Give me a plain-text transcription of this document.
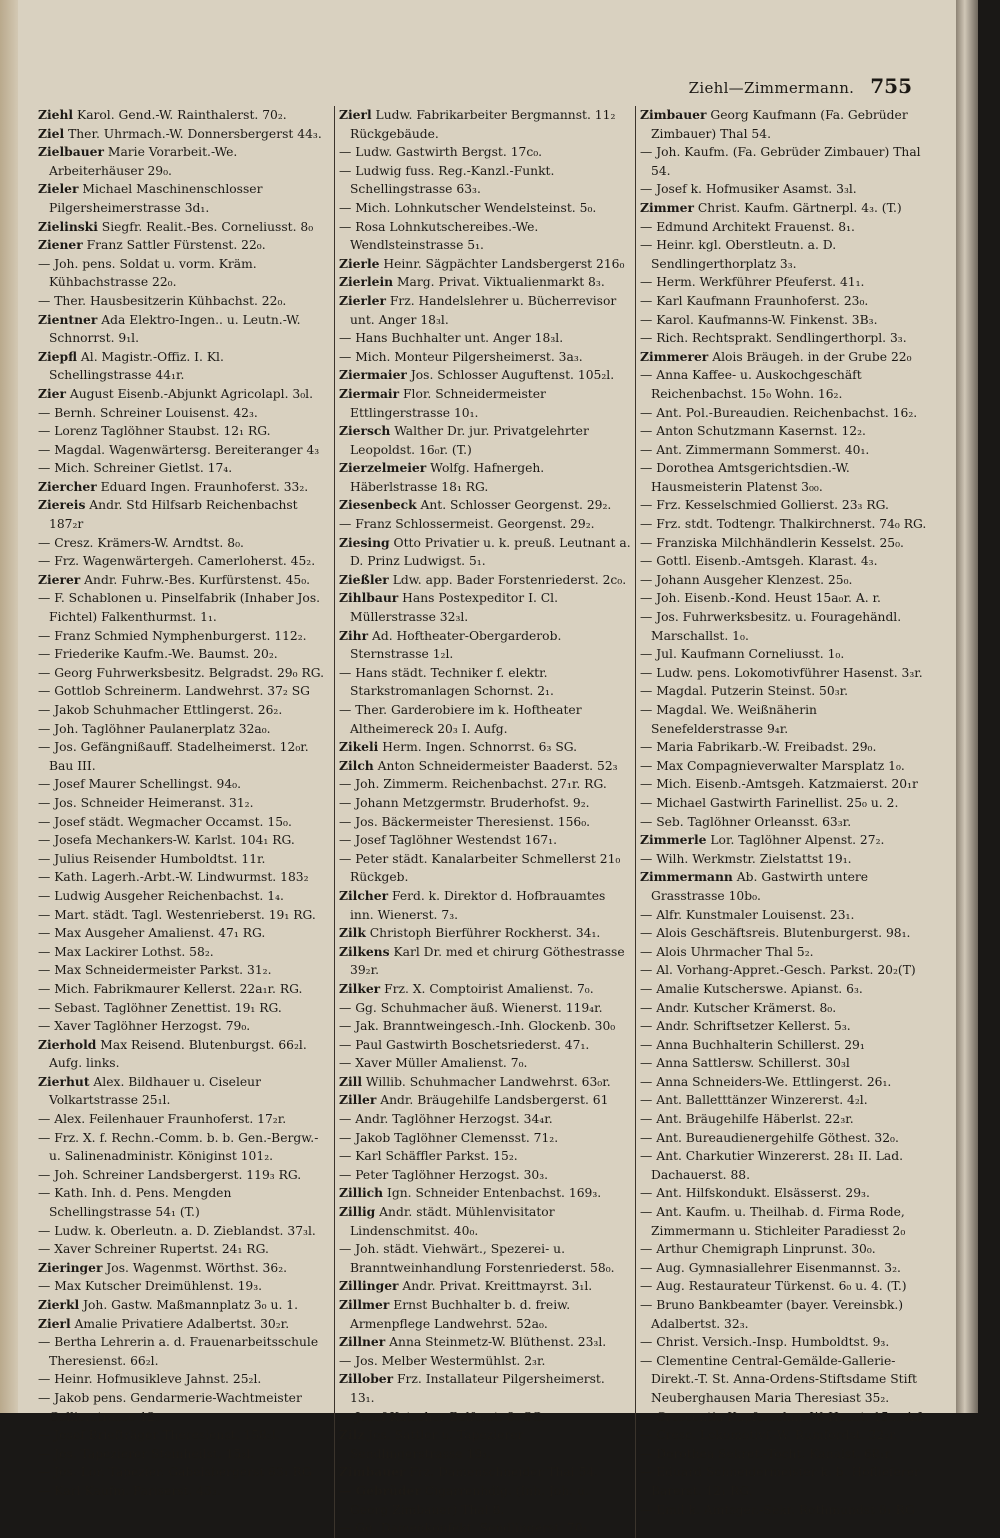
Ziehl—Zimmermann. 755
Ziehl Karol. Gend.-W. Rainthalerst. 70₂.
Ziel Ther. Uhrmach.-W. Donnersbergerst 44₃.
Zielbauer Marie Vorarbeit.-We. Arbeiterhäuser 29₀.
Zieler Michael Maschinenschlosser Pilgersheimerstrasse 3d₁.
Zielinski Siegfr. Realit.-Bes. Corneliusst. 8₀
Ziener Franz Sattler Fürstenst. 22₀.
— Joh. pens. Soldat u. vorm. Kräm. Kühbachstrasse 22₀.
— Ther. Hausbesitzerin Kühbachst. 22₀.
Zientner Ada Elektro-Ingen.. u. Leutn.-W. Schnorrst. 9₁l.
Ziepfl Al. Magistr.-Offiz. I. Kl. Schellingstrasse 44₁r.
Zier August Eisenb.-Abjunkt Agricolapl. 3₀l.
— Bernh. Schreiner Louisenst. 42₃.
— Lorenz Taglöhner Staubst. 12₁ RG.
— Magdal. Wagenwärtersg. Bereiteranger 4₃
— Mich. Schreiner Gietlst. 17₄.
Ziercher Eduard Ingen. Fraunhoferst. 33₂.
Ziereis Andr. Std Hilfsarb Reichenbachst 187₂r
— Cresz. Krämers-W. Arndtst. 8₀.
— Frz. Wagenwärtergeh. Camerloherst. 45₂.
Zierer Andr. Fuhrw.-Bes. Kurfürstenst. 45₀.
— F. Schablonen u. Pinselfabrik (Inhaber Jos. Fichtel) Falkenthurmst. 1₁.
— Franz Schmied Nymphenburgerst. 112₂.
— Friederike Kaufm.-We. Baumst. 20₂.
— Georg Fuhrwerksbesitz. Belgradst. 29₀ RG.
— Gottlob Schreinerm. Landwehrst. 37₂ SG
— Jakob Schuhmacher Ettlingerst. 26₂.
— Joh. Taglöhner Paulanerplatz 32a₀.
— Jos. Gefängnißauff. Stadelheimerst. 12₀r. Bau III.
— Josef Maurer Schellingst. 94₀.
— Jos. Schneider Heimeranst. 31₂.
— Josef städt. Wegmacher Occamst. 15₀.
— Josefa Mechankers-W. Karlst. 104₁ RG.
— Julius Reisender Humboldtst. 11r.
— Kath. Lagerh.-Arbt.-W. Lindwurmst. 183₂
— Ludwig Ausgeher Reichenbachst. 1₄.
— Mart. städt. Tagl. Westenrieberst. 19₁ RG.
— Max Ausgeher Amalienst. 47₁ RG.
— Max Lackirer Lothst. 58₂.
— Max Schneidermeister Parkst. 31₂.
— Mich. Fabrikmaurer Kellerst. 22a₁r. RG.
— Sebast. Taglöhner Zenettist. 19₁ RG.
— Xaver Taglöhner Herzogst. 79₀.
Zierhold Max Reisend. Blutenburgst. 66₂l. Aufg. links.
Zierhut Alex. Bildhauer u. Ciseleur Volkartstrasse 25₁l.
— Alex. Feilenhauer Fraunhoferst. 17₂r.
— Frz. X. f. Rechn.-Comm. b. b. Gen.-Bergw.- u. Salinenadministr. Königinst 101₂.
— Joh. Schreiner Landsbergerst. 119₃ RG.
— Kath. Inh. d. Pens. Mengden Schellingstrasse 54₁ (T.)
— Ludw. k. Oberleutn. a. D. Zieblandst. 37₃l.
— Xaver Schreiner Rupertst. 24₁ RG.
Zieringer Jos. Wagenmst. Wörthst. 36₂.
— Max Kutscher Dreimühlenst. 19₃.
Zierkl Joh. Gastw. Maßmannplatz 3₀ u. 1.
Zierl Amalie Privatiere Adalbertst. 30₂r.
— Bertha Lehrerin a. d. Frauenarbeitsschule Theresienst. 66₂l.
— Heinr. Hofmusikleve Jahnst. 25₂l.
— Jakob pens. Gendarmerie-Wachtmeister Gollierstrasse 12₃.
— Josef Briefträger Theresienst. 158₃l.
— Jos. Tapezierer Steinheilst. 15₂l.
— Jos. Lor. Tapezier. Gabelsbergerst 83₁ RG
— Karl Kaufm. Pariserst. 43₃.
Zierl Ludw. Fabrikarbeiter Bergmannst. 11₂ Rückgebäude.
— Ludw. Gastwirth Bergst. 17c₀.
— Ludwig fuss. Reg.-Kanzl.-Funkt. Schellingstrasse 63₃.
— Mich. Lohnkutscher Wendelsteinst. 5₀.
— Rosa Lohnkutschereibes.-We. Wendlsteinstrasse 5₁.
Zierle Heinr. Sägpächter Landsbergerst 216₀
Zierlein Marg. Privat. Viktualienmarkt 8₃.
Zierler Frz. Handelslehrer u. Bücherrevisor unt. Anger 18₃l.
— Hans Buchhalter unt. Anger 18₃l.
— Mich. Monteur Pilgersheimerst. 3a₃.
Ziermaier Jos. Schlosser Auguftenst. 105₂l.
Ziermair Flor. Schneidermeister Ettlingerstrasse 10₁.
Ziersch Walther Dr. jur. Privatgelehrter Leopoldst. 16₀r. (T.)
Zierzelmeier Wolfg. Hafnergeh. Häberlstrasse 18₁ RG.
Ziesenbeck Ant. Schlosser Georgenst. 29₂.
— Franz Schlossermeist. Georgenst. 29₂.
Ziesing Otto Privatier u. k. preuß. Leutnant a. D. Prinz Ludwigst. 5₁.
Zießler Ldw. app. Bader Forstenriederst. 2c₀.
Zihlbaur Hans Postexpeditor I. Cl. Müllerstrasse 32₃l.
Zihr Ad. Hoftheater-Obergarderob. Sternstrasse 1₂l.
— Hans städt. Techniker f. elektr. Starkstromanlagen Schornst. 2₁.
— Ther. Garderobiere im k. Hoftheater Altheimereck 20₃ I. Aufg.
Zikeli Herm. Ingen. Schnorrst. 6₃ SG.
Zilch Anton Schneidermeister Baaderst. 52₃
— Joh. Zimmerm. Reichenbachst. 27₁r. RG.
— Johann Metzgermstr. Bruderhofst. 9₂.
— Jos. Bäckermeister Theresienst. 156₀.
— Josef Taglöhner Westendst 167₁.
— Peter städt. Kanalarbeiter Schmellerst 21₀ Rückgeb.
Zilcher Ferd. k. Direktor d. Hofbrauamtes inn. Wienerst. 7₃.
Zilk Christoph Bierführer Rockherst. 34₁.
Zilkens Karl Dr. med et chirurg Göthestrasse 39₂r.
Zilker Frz. X. Comptoirist Amalienst. 7₀.
— Gg. Schuhmacher äuß. Wienerst. 119₄r.
— Jak. Branntweingesch.-Inh. Glockenb. 30₀
— Paul Gastwirth Boschetsriederst. 47₁.
— Xaver Müller Amalienst. 7₀.
Zill Willib. Schuhmacher Landwehrst. 63₀r.
Ziller Andr. Bräugehilfe Landsbergerst. 61
— Andr. Taglöhner Herzogst. 34₄r.
— Jakob Taglöhner Clemensst. 71₂.
— Karl Schäffler Parkst. 15₂.
— Peter Taglöhner Herzogst. 30₃.
Zillich Ign. Schneider Entenbachst. 169₃.
Zillig Andr. städt. Mühlenvisitator Lindenschmitst. 40₀.
— Joh. städt. Viehwärt., Spezerei- u. Branntweinhandlung Forstenriederst. 58₀.
Zillinger Andr. Privat. Kreittmayrst. 3₁l.
Zillmer Ernst Buchhalter b. d. freiw. Armenpflege Landwehrst. 52a₀.
Zillner Anna Steinmetz-W. Blüthenst. 23₃l.
— Jos. Melber Westermühlst. 2₃r.
Zillober Frz. Installateur Pilgersheimerst. 13₁.
— Josef Kutscher Belforst. 8₀ SG.
Zilz Jos. Sattler u. Tapezierer Sendlingerstrasse 19₃.
Zimbauer Frz. Damenschneider Thal 54.
— Gebrüder Cigarrenhdlg. (Inh. Joh. u. Georg Zimbauer) Thal 8.
— Gg. Damenkonfekt. Sendlingerst. 70₄.
Zimbauer Georg Kaufmann (Fa. Gebrüder Zimbauer) Thal 54.
— Joh. Kaufm. (Fa. Gebrüder Zimbauer) Thal 54.
— Josef k. Hofmusiker Asamst. 3₃l.
Zimmer Christ. Kaufm. Gärtnerpl. 4₃. (T.)
— Edmund Architekt Frauenst. 8₁.
— Heinr. kgl. Oberstleutn. a. D. Sendlingerthorplatz 3₃.
— Herm. Werkführer Pfeuferst. 41₁.
— Karl Kaufmann Fraunhoferst. 23₀.
— Karol. Kaufmanns-W. Finkenst. 3B₃.
— Rich. Rechtsprakt. Sendlingerthorpl. 3₃.
Zimmerer Alois Bräugeh. in der Grube 22₀
— Anna Kaffee- u. Auskochgeschäft Reichenbachst. 15₀ Wohn. 16₂.
— Ant. Pol.-Bureaudien. Reichenbachst. 16₂.
— Anton Schutzmann Kasernst. 12₂.
— Ant. Zimmermann Sommerst. 40₁.
— Dorothea Amtsgerichtsdien.-W. Hausmeisterin Platenst 3₀₀.
— Frz. Kesselschmied Gollierst. 23₃ RG.
— Frz. stdt. Todtengr. Thalkirchnerst. 74₀ RG.
— Franziska Milchhändlerin Kesselst. 25₀.
— Gottl. Eisenb.-Amtsgeh. Klarast. 4₃.
— Johann Ausgeher Klenzest. 25₀.
— Joh. Eisenb.-Kond. Heust 15a₀r. A. r.
— Jos. Fuhrwerksbesitz. u. Fouragehändl. Marschallst. 1₀.
— Jul. Kaufmann Corneliusst. 1₀.
— Ludw. pens. Lokomotivführer Hasenst. 3₃r.
— Magdal. Putzerin Steinst. 50₃r.
— Magdal. We. Weißnäherin Senefelderstrasse 9₄r.
— Maria Fabrikarb.-W. Freibadst. 29₀.
— Max Compagnieverwalter Marsplatz 1₀.
— Mich. Eisenb.-Amtsgeh. Katzmaierst. 20₁r
— Michael Gastwirth Farinellist. 25₀ u. 2.
— Seb. Taglöhner Orleansst. 63₃r.
Zimmerle Lor. Taglöhner Alpenst. 27₂.
— Wilh. Werkmstr. Zielstattst 19₁.
Zimmermann Ab. Gastwirth untere Grasstrasse 10b₀.
— Alfr. Kunstmaler Louisenst. 23₁.
— Alois Geschäftsreis. Blutenburgerst. 98₁.
— Alois Uhrmacher Thal 5₂.
— Al. Vorhang-Appret.-Gesch. Parkst. 20₂(T)
— Amalie Kutscherswe. Apianst. 6₃.
— Andr. Kutscher Krämerst. 8₀.
— Andr. Schriftsetzer Kellerst. 5₃.
— Anna Buchhalterin Schillerst. 29₁
— Anna Sattlersw. Schillerst. 30₃l
— Anna Schneiders-We. Ettlingerst. 26₁.
— Ant. Balletttänzer Winzererst. 4₂l.
— Ant. Bräugehilfe Häberlst. 22₃r.
— Ant. Bureaudienergehilfe Göthest. 32₀.
— Ant. Charkutier Winzererst. 28₁ II. Lad. Dachauerst. 88.
— Ant. Hilfskondukt. Elsässerst. 29₃.
— Ant. Kaufm. u. Theilhab. d. Firma Rode, Zimmermann u. Stichleiter Paradiesst 2₀
— Arthur Chemigraph Linprunst. 30₀.
— Aug. Gymnasiallehrer Eisenmannst. 3₂.
— Aug. Restaurateur Türkenst. 6₀ u. 4. (T.)
— Bruno Bankbeamter (bayer. Vereinsbk.) Adalbertst. 32₃.
— Christ. Versich.-Insp. Humboldtst. 9₃.
— Clementine Central-Gemälde-Gallerie-Direkt.-T. St. Anna-Ordens-Stiftsdame Stift Neuberghausen Maria Theresiast 35₂.
— Crescentia Kupferschm.-W. Heust. 15a₃ A.I
— Cresc. Lokomotivf.-W. Rumfordst. 32₃r.
— Dorothea Sekret.-Tocht. Kanalst. 68₁r.
— Eduard Schneidermeister k. b. Hoflieferer Barerst. 12₁ RG.
— Emil k. Amtsger.-Sekr. Rothmundst 8₁ RG
